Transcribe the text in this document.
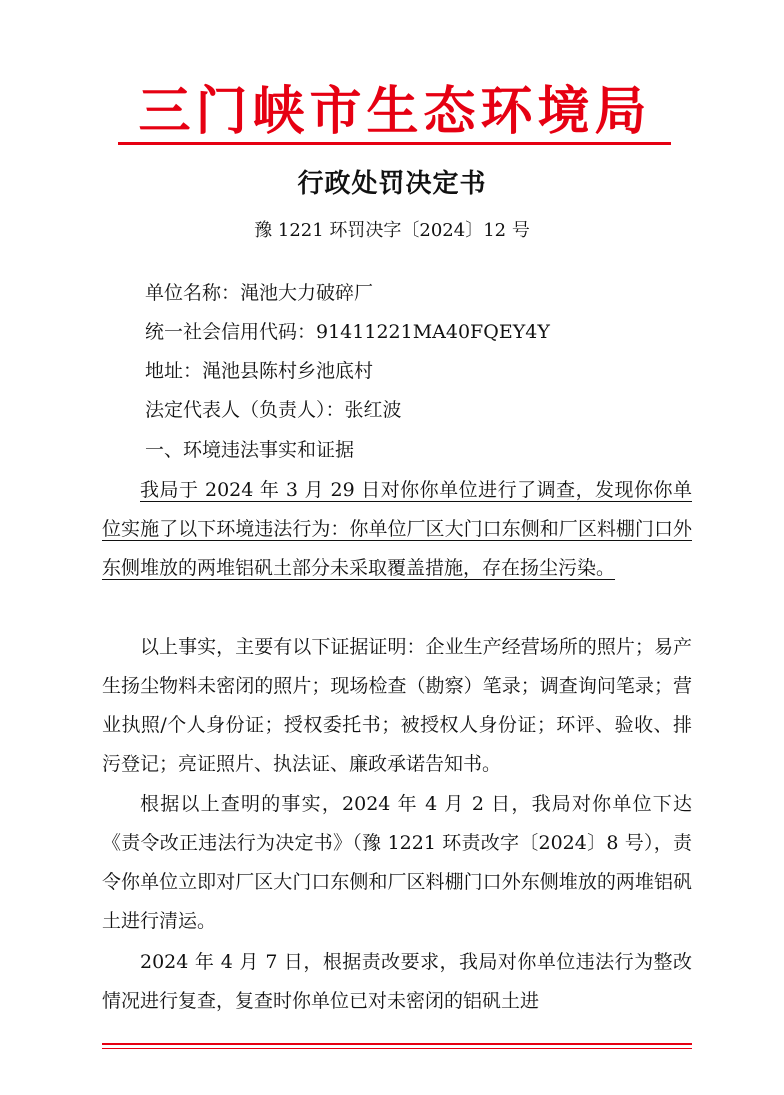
三门峡市生态环境局
行政处罚决定书
豫 1221 环罚决字〔2024〕12 号
单位名称：渑池大力破碎厂
统一社会信用代码：91411221MA40FQEY4Y
地址：渑池县陈村乡池底村
法定代表人（负责人）：张红波
一、环境违法事实和证据

我局于 2024 年 3 月 29 日对你你单位进行了调查，发现你你单位实施了以下环境违法行为：你单位厂区大门口东侧和厂区料棚门口外东侧堆放的两堆铝矾土部分未采取覆盖措施，存在扬尘污染。

以上事实，主要有以下证据证明：企业生产经营场所的照片；易产生扬尘物料未密闭的照片；现场检查（勘察）笔录；调查询问笔录；营业执照/个人身份证；授权委托书；被授权人身份证；环评、验收、排污登记；亮证照片、执法证、廉政承诺告知书。

根据以上查明的事实，2024 年 4 月 2 日，我局对你单位下达《责令改正违法行为决定书》（豫 1221 环责改字〔2024〕8 号），责令你单位立即对厂区大门口东侧和厂区料棚门口外东侧堆放的两堆铝矾土进行清运。

2024 年 4 月 7 日，根据责改要求，我局对你单位违法行为整改情况进行复查，复查时你单位已对未密闭的铝矾土进
